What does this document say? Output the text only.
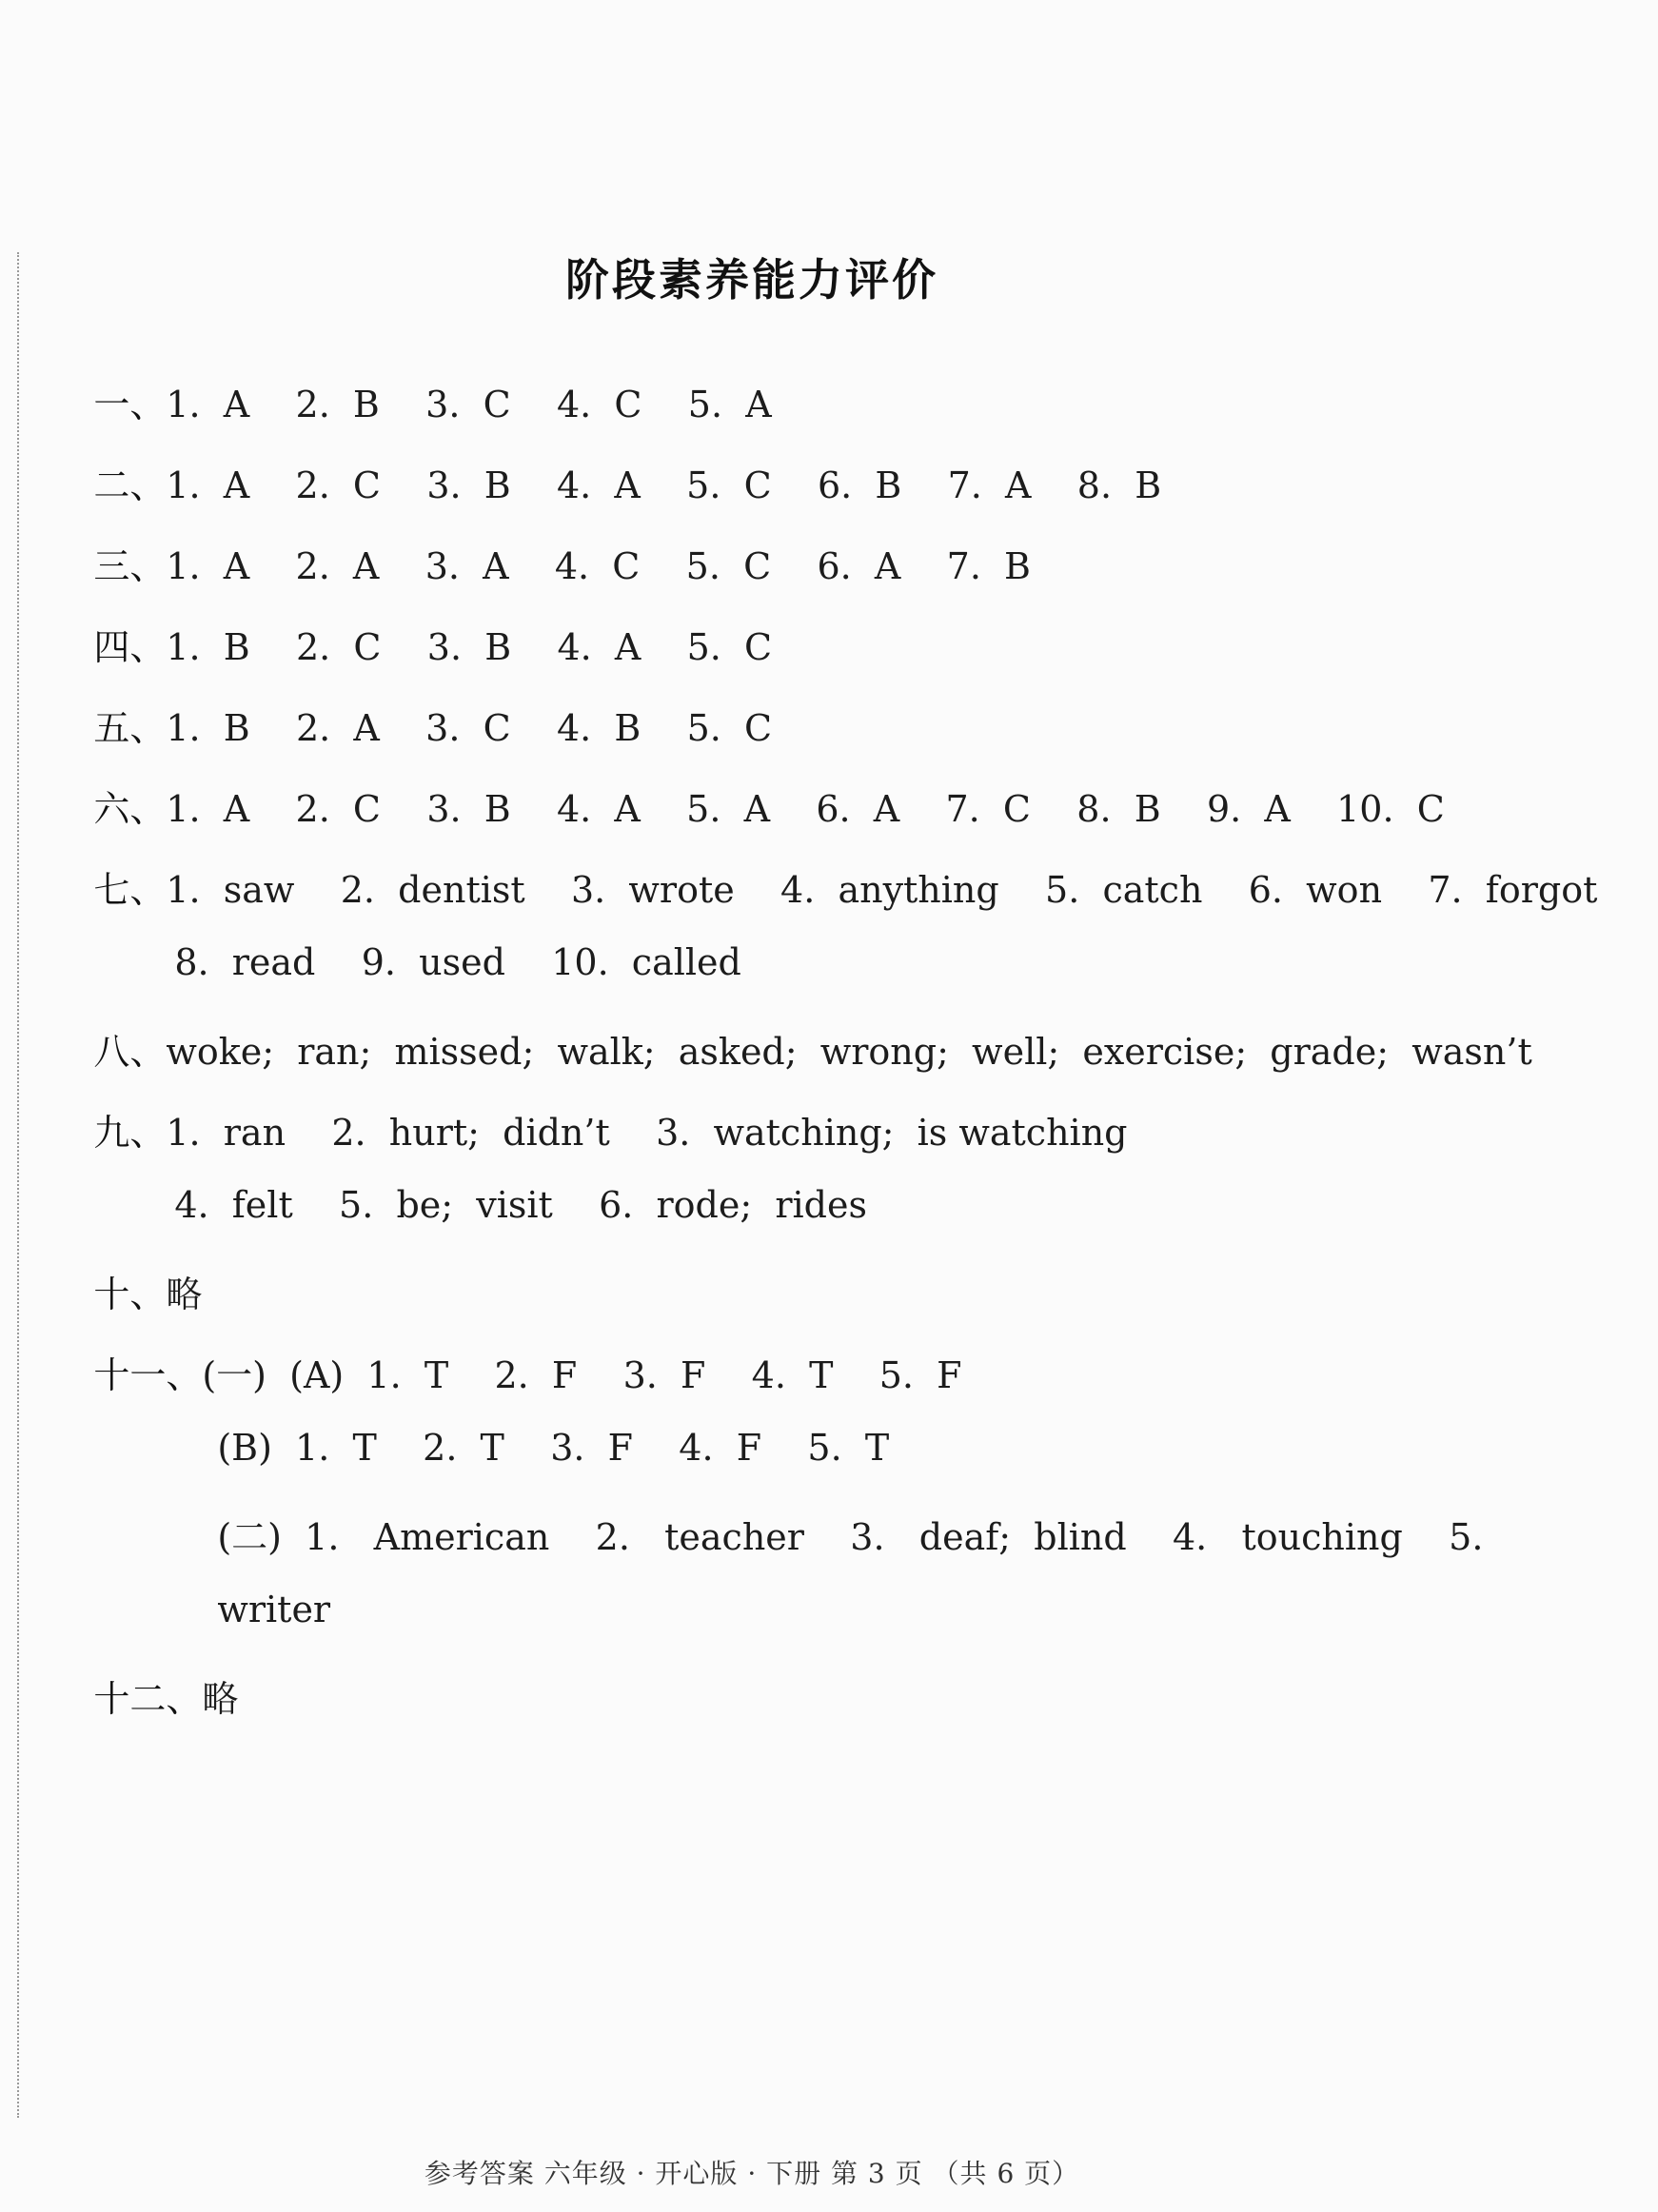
阶段素养能力评价

一、1.  A    2.  B    3.  C    4.  C    5.  A

二、1.  A    2.  C    3.  B    4.  A    5.  C    6.  B    7.  A    8.  B

三、1.  A    2.  A    3.  A    4.  C    5.  C    6.  A    7.  B

四、1.  B    2.  C    3.  B    4.  A    5.  C

五、1.  B    2.  A    3.  C    4.  B    5.  C

六、1.  A    2.  C    3.  B    4.  A    5.  A    6.  A    7.  C    8.  B    9.  A    10.  C

七、1.  saw    2.  dentist    3.  wrote    4.  anything    5.  catch    6.  won    7.  forgot

8.  read    9.  used    10.  called

八、woke;  ran;  missed;  walk;  asked;  wrong;  well;  exercise;  grade;  wasn’t

九、1.  ran    2.  hurt;  didn’t    3.  watching;  is watching

4.  felt    5.  be;  visit    6.  rode;  rides

十、略

十一、(一)  (A)  1.  T    2.  F    3.  F    4.  T    5.  F

(B)  1.  T    2.  T    3.  F    4.  F    5.  T

(二)  1.   American    2.   teacher    3.   deaf;  blind    4.   touching    5.

writer

十二、略

参考答案 六年级 · 开心版 · 下册 第 3 页 （共 6 页）
